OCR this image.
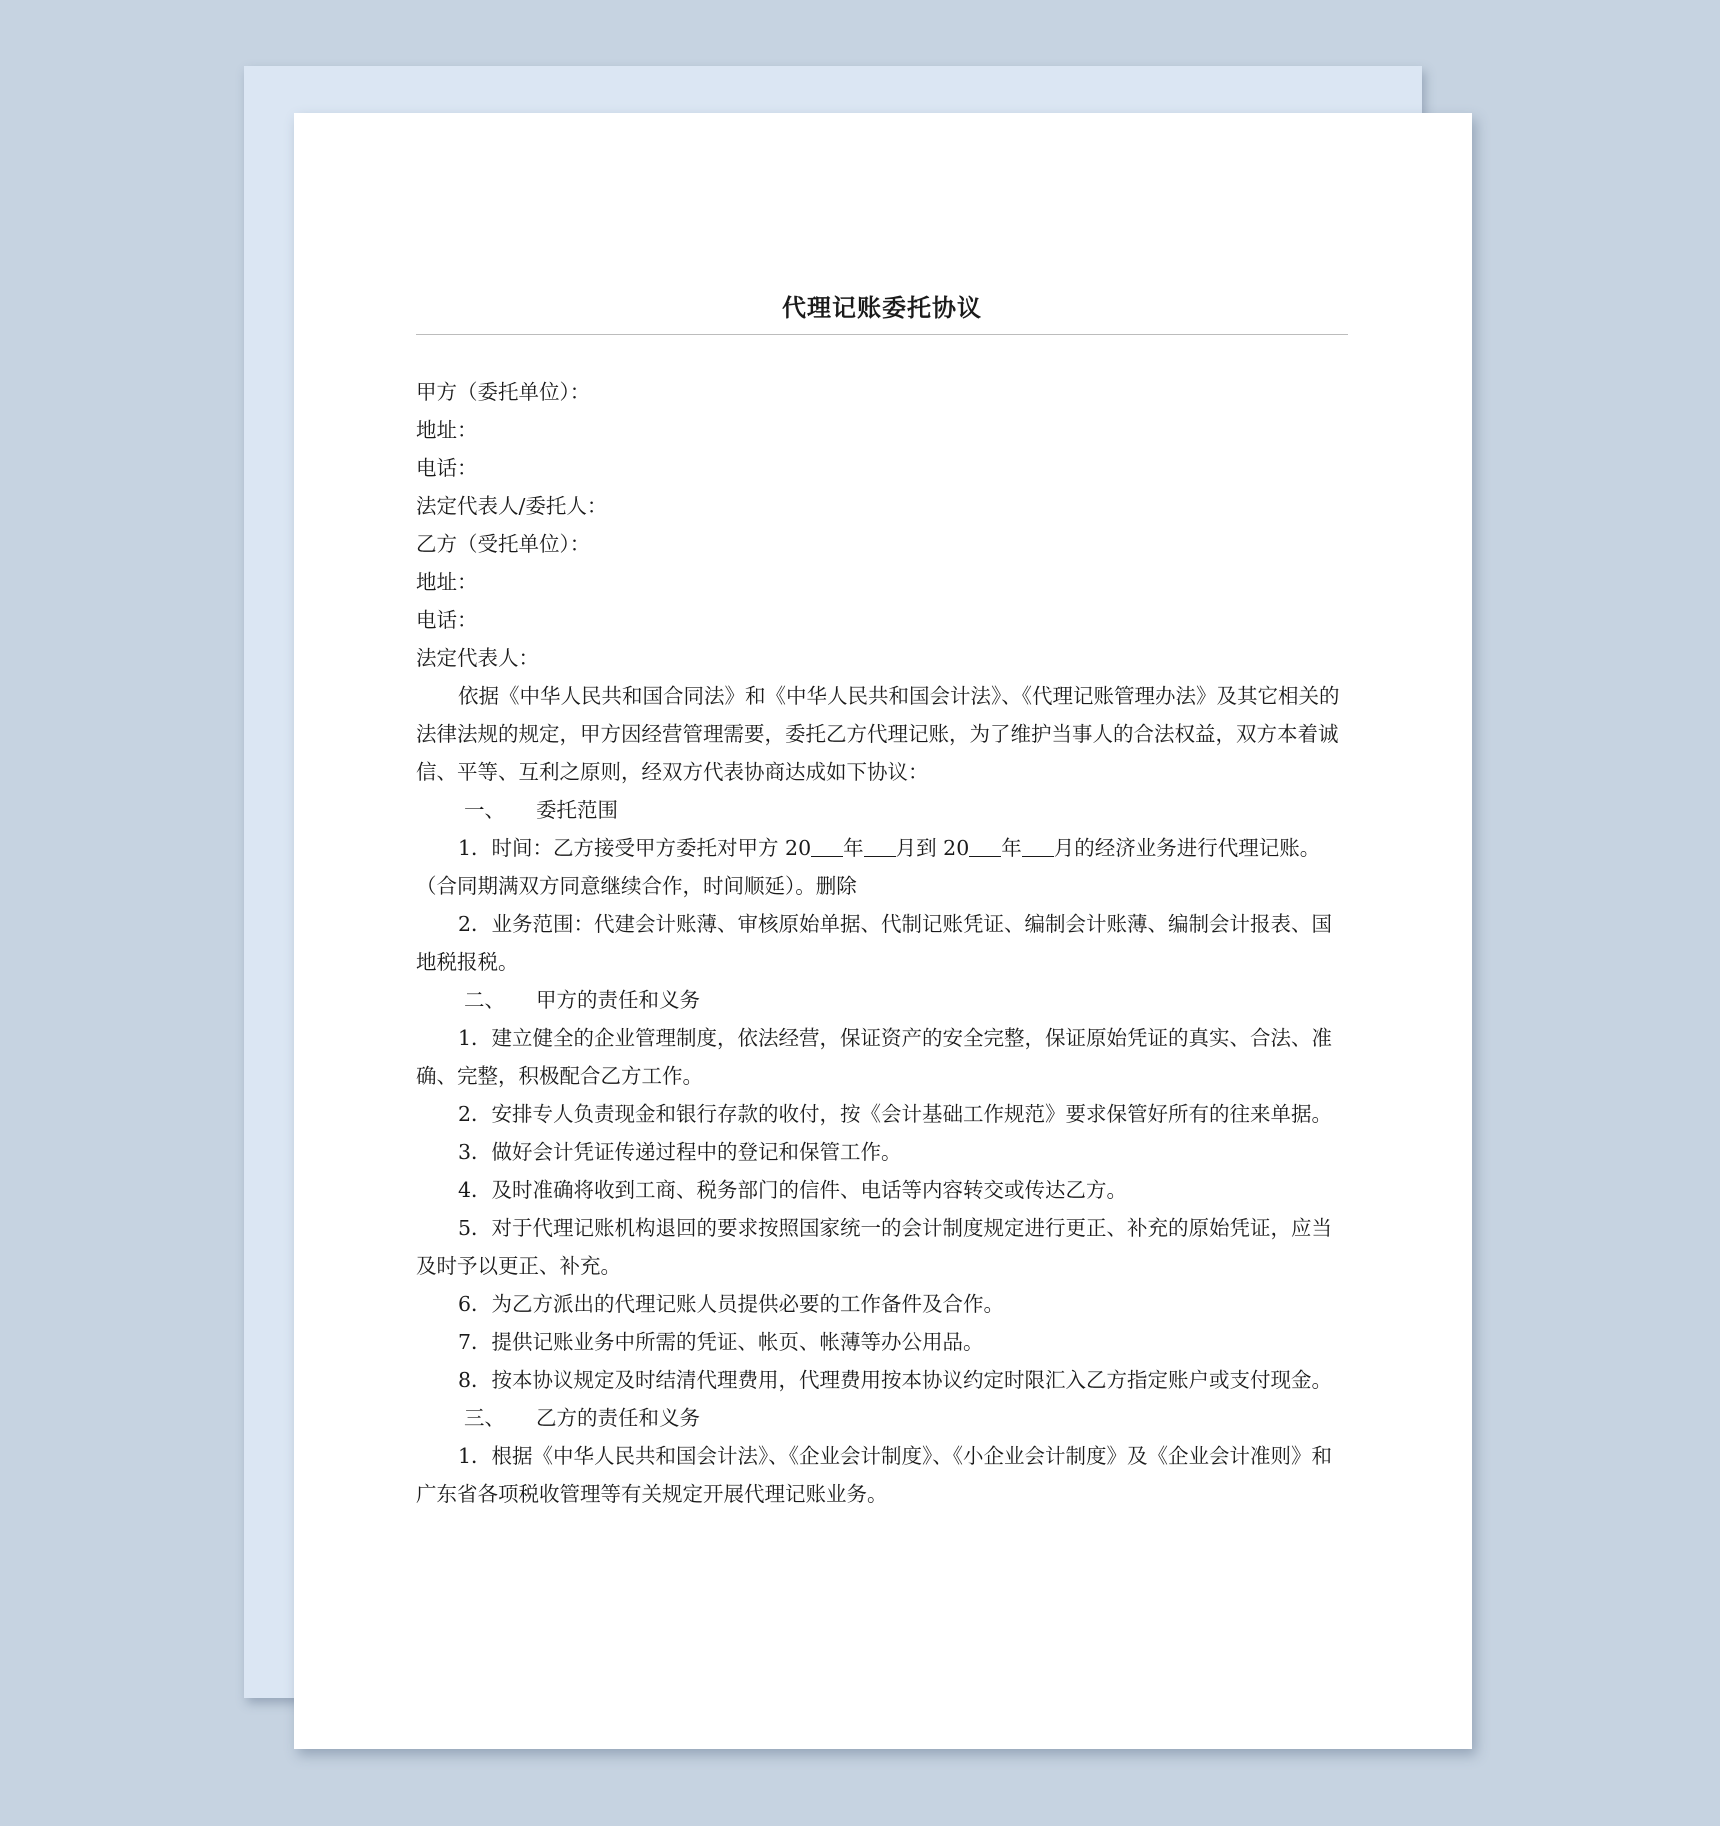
代理记账委托协议

甲方（委托单位）：

地址：

电话：

法定代表人/委托人：

乙方（受托单位）：

地址：

电话：

法定代表人：

依据《中华人民共和国合同法》和《中华人民共和国会计法》、《代理记账管理办法》及其它相关的法律法规的规定，甲方因经营管理需要，委托乙方代理记账，为了维护当事人的合法权益，双方本着诚信、平等、互利之原则，经双方代表协商达成如下协议：

一、 委托范围

1．时间：乙方接受甲方委托对甲方 20 年 月到 20 年 月的经济业务进行代理记账。（合同期满双方同意继续合作，时间顺延）。删除

2．业务范围：代建会计账薄、审核原始单据、代制记账凭证、编制会计账薄、编制会计报表、国地税报税。

二、 甲方的责任和义务

1．建立健全的企业管理制度，依法经营，保证资产的安全完整，保证原始凭证的真实、合法、准确、完整，积极配合乙方工作。

2．安排专人负责现金和银行存款的收付，按《会计基础工作规范》要求保管好所有的往来单据。

3．做好会计凭证传递过程中的登记和保管工作。

4．及时准确将收到工商、税务部门的信件、电话等内容转交或传达乙方。

5．对于代理记账机构退回的要求按照国家统一的会计制度规定进行更正、补充的原始凭证，应当及时予以更正、补充。

6．为乙方派出的代理记账人员提供必要的工作备件及合作。

7．提供记账业务中所需的凭证、帐页、帐薄等办公用品。

8．按本协议规定及时结清代理费用，代理费用按本协议约定时限汇入乙方指定账户或支付现金。

三、 乙方的责任和义务

1．根据《中华人民共和国会计法》、《企业会计制度》、《小企业会计制度》及《企业会计准则》和广东省各项税收管理等有关规定开展代理记账业务。
